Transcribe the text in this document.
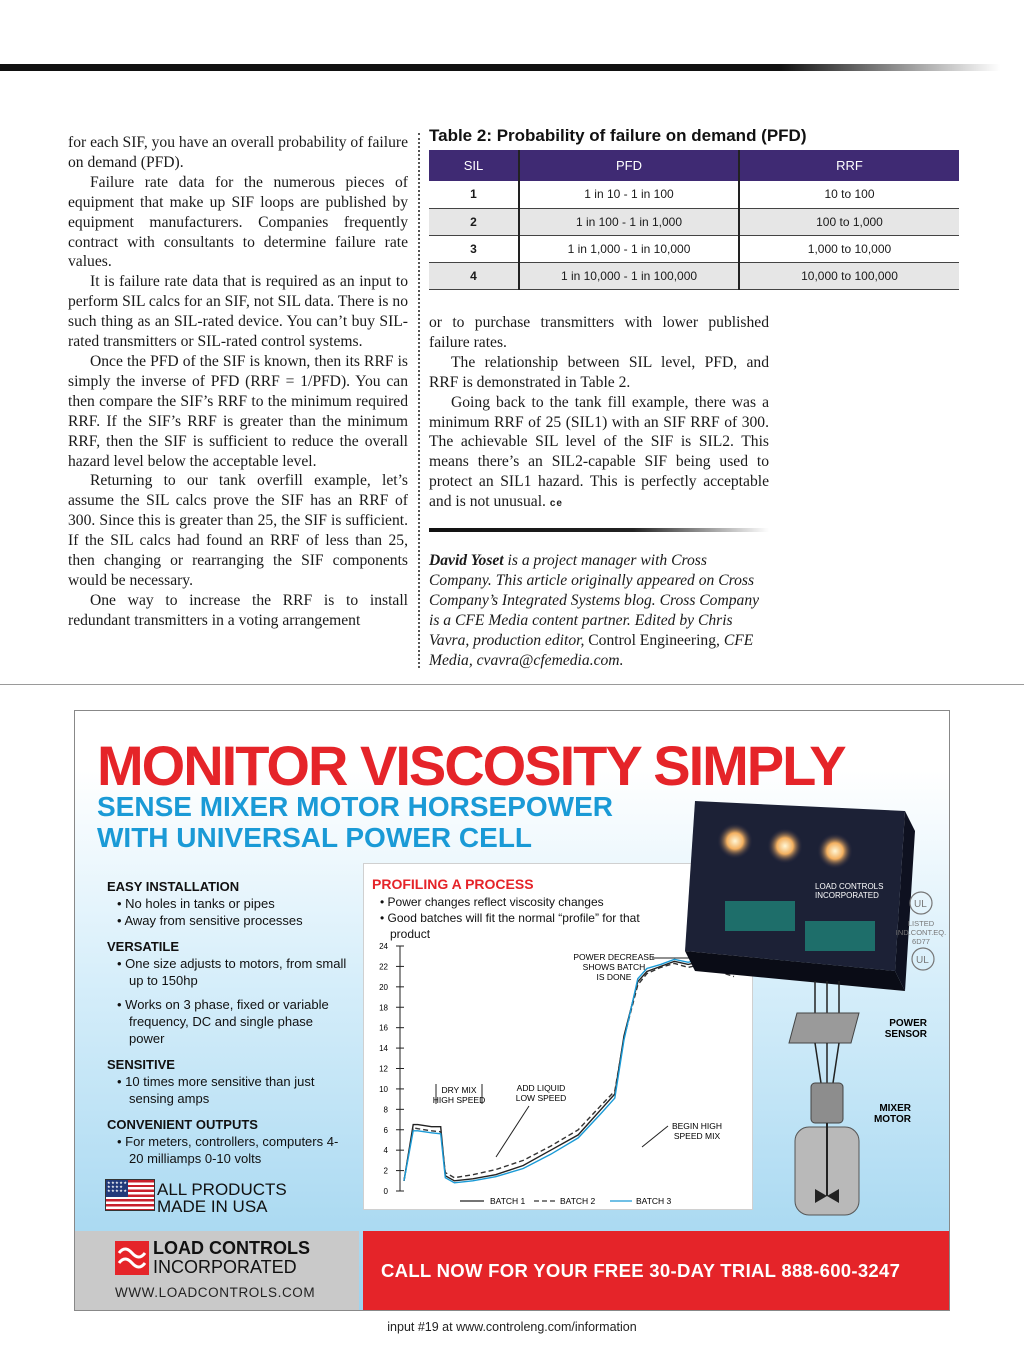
for each SIF, you have an overall probability of failure on demand (PFD).

Failure rate data for the numerous pieces of equipment that make up SIF loops are published by equipment manufacturers. Companies frequently contract with consultants to determine failure rate values.

It is failure rate data that is required as an input to perform SIL calcs for an SIF, not SIL data. There is no such thing as an SIL-rated device. You can’t buy SIL-rated transmitters or SIL-rated control systems.

Once the PFD of the SIF is known, then its RRF is simply the inverse of PFD (RRF = 1/PFD). You can then compare the SIF’s RRF to the minimum required RRF. If the SIF’s RRF is greater than the minimum RRF, then the SIF is sufficient to reduce the overall hazard level below the acceptable level.

Returning to our tank overfill example, let’s assume the SIL calcs prove the SIF has an RRF of 300. Since this is greater than 25, the SIF is sufficient. If the SIL calcs had found an RRF of less than 25, then changing or rearranging the SIF components would be necessary.

One way to increase the RRF is to install redundant transmitters in a voting arrangement

Table 2: Probability of failure on demand (PFD)
SIL	PFD	RRF
1	1 in 10 - 1 in 100	10 to 100
2	1 in 100 - 1 in 1,000	100 to 1,000
3	1 in 1,000 - 1 in 10,000	1,000 to 10,000
4	1 in 10,000 - 1 in 100,000	10,000 to 100,000

or to purchase transmitters with lower published failure rates.

The relationship between SIL level, PFD, and RRF is demonstrated in Table 2.

Going back to the tank fill example, there was a minimum RRF of 25 (SIL1) with an SIF RRF of 300. The achievable SIL level of the SIF is SIL2. This means there’s an SIL2-capable SIF being used to protect an SIL1 hazard. This is perfectly acceptable and is not unusual. ce

David Yoset is a project manager with Cross Company. This article originally appeared on Cross Company’s Integrated Systems blog. Cross Company is a CFE Media content partner. Edited by Chris Vavra, production editor, Control Engineering, CFE Media, cvavra@cfemedia.com.
MONITOR VISCOSITY SIMPLY
SENSE MIXER MOTOR HORSEPOWER
WITH UNIVERSAL POWER CELL
EASY INSTALLATION
• No holes in tanks or pipes
• Away from sensitive processes
VERSATILE
• One size adjusts to motors, from small up to 150hp
• Works on 3 phase, fixed or variable frequency, DC and single phase power
SENSITIVE
• 10 times more sensitive than just sensing amps
CONVENIENT OUTPUTS
• For meters, controllers, computers 4-20 milliamps 0-10 volts
★★★★★ ★★★★ ★★★★★ ALL PRODUCTS
MADE IN USA
PROFILING A PROCESS
• Power changes reflect viscosity changes
• Good batches will fit the normal “profile” for that product
0
2
4
6
8
10
12
14
16
18
20
22
24
DRY MIX
HIGH SPEED
ADD LIQUID
LOW SPEED
BEGIN HIGH
SPEED MIX
POWER DECREASE
SHOWS BATCH
IS DONE
BATCH 1	BATCH 2	BATCH 3
LOAD CONTROLS
INCORPORATED
UL
LISTED
IND.CONT.EQ.
6D77
UL
POWER
SENSOR
MIXER
MOTOR
LOAD CONTROLS
INCORPORATED
WWW.LOADCONTROLS.COM
CALL NOW FOR YOUR FREE 30-DAY TRIAL 888-600-3247
input #19 at www.controleng.com/information
